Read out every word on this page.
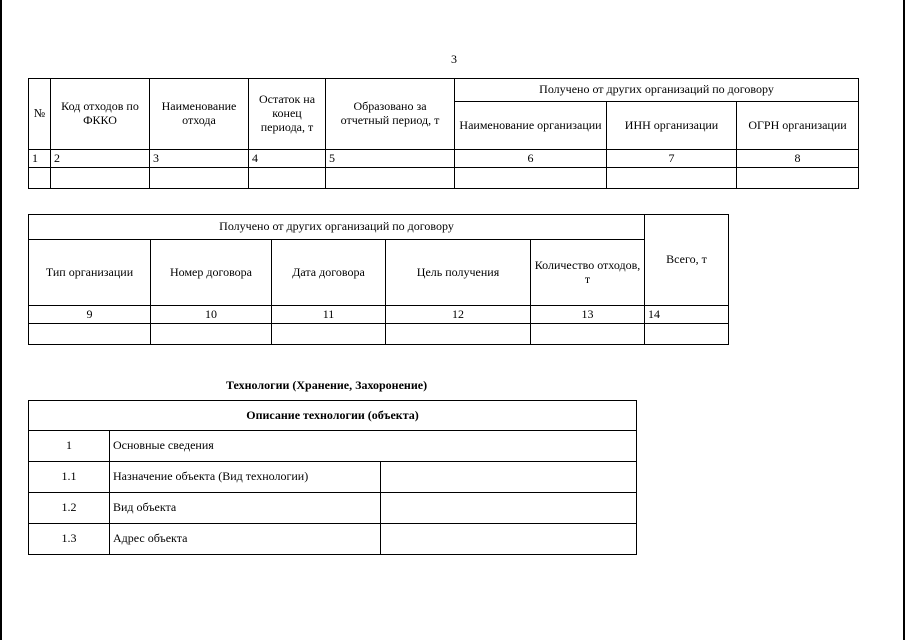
3
№	Код отходов по ФККО	Наименование отхода	Остаток на конец периода, т	Образовано за отчетный период, т	Получено от других организаций по договору		
					Наименование организации	ИНН организации	ОГРН организации
1	2	3	4	5	6	7	8

Получено от других организаций по договору					Всего, т
Тип организации	Номер договора	Дата договора	Цель получения	Количество отходов, т	
9	10	11	12	13	14

Технологии (Хранение, Захоронение)
Описание технологии (объекта)		
1	Основные сведения	
1.1	Назначение объекта (Вид технологии)	
1.2	Вид объекта	
1.3	Адрес объекта	
